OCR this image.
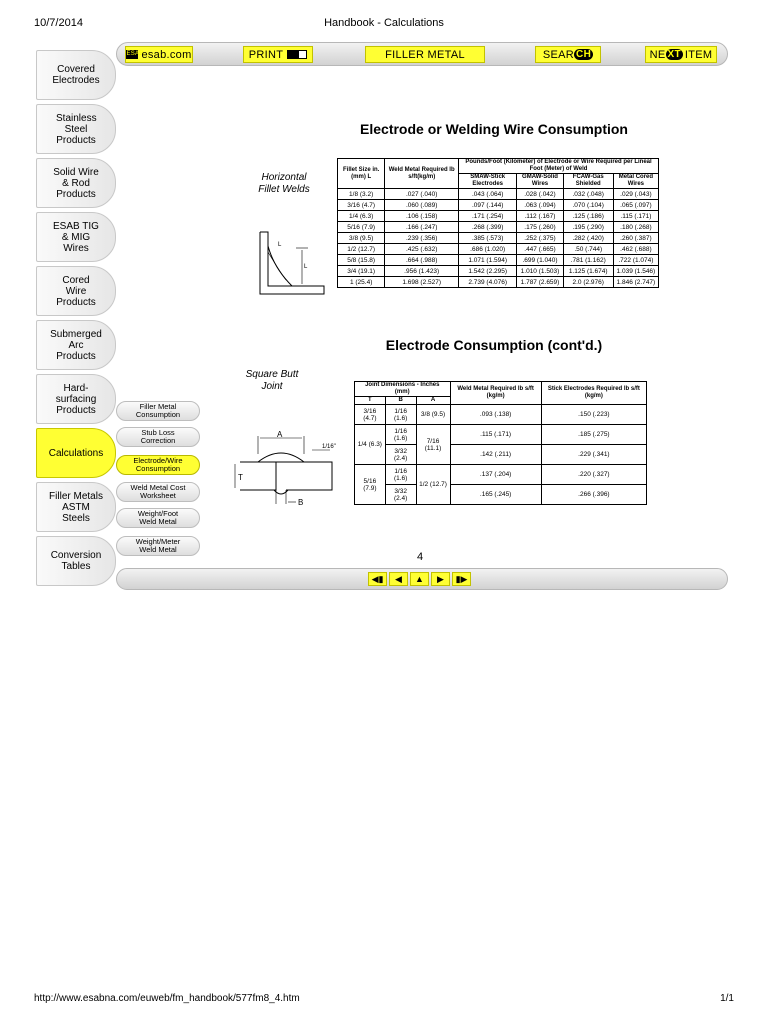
10/7/2014	Handbook - Calculations
ESAB
esab.com	PRINT	FILLER METAL	SEAR CH	NE XT ITEM
Covered Electrodes
Stainless Steel Products
Solid Wire & Rod Products
ESAB TIG & MIG Wires
Cored Wire Products
Submerged Arc Products
Hard-surfacing Products
Calculations
Filler Metals ASTM Steels
Conversion Tables
Filler Metal Consumption
Stub Loss Correction
Electrode/Wire Consumption
Weld Metal Cost Worksheet
Weight/Foot Weld Metal
Weight/Meter Weld Metal
Electrode or Welding Wire Consumption
Horizontal Fillet Welds
L
L
Fillet Size in. (mm) L	Weld Metal Required lb s/ft(kg/m)	Pounds/Foot (Kilometer) of Electrode or Wire Required per Lineal Foot (Meter) of Weld			
		SMAW-Stick Electrodes	GMAW-Solid Wires	FCAW-Gas Shielded	Metal Cored Wires
1/8 (3.2)	.027 (.040)	.043 (.064)	.028 (.042)	.032 (.048)	.029 (.043)
3/16 (4.7)	.060 (.089)	.097 (.144)	.063 (.094)	.070 (.104)	.065 (.097)
1/4 (6.3)	.106 (.158)	.171 (.254)	.112 (.167)	.125 (.186)	.115 (.171)
5/16 (7.9)	.166 (.247)	.268 (.399)	.175 (.260)	.195 (.290)	.180 (.268)
3/8 (9.5)	.239 (.356)	.385 (.573)	.252 (.375)	.282 (.420)	.260 (.387)
1/2 (12.7)	.425 (.632)	.686 (1.020)	.447 (.665)	.50 (.744)	.462 (.688)
5/8 (15.8)	.664 (.988)	1.071 (1.594)	.699 (1.040)	.781 (1.162)	.722 (1.074)
3/4 (19.1)	.956 (1.423)	1.542 (2.295)	1.010 (1.503)	1.125 (1.674)	1.039 (1.546)
1 (25.4)	1.698 (2.527)	2.739 (4.076)	1.787 (2.659)	2.0 (2.976)	1.846 (2.747)
Electrode Consumption (cont'd.)
Square Butt Joint
A
T
B
1/16"
Joint Dimensions - Inches (mm)			Weld Metal Required lb s/ft (kg/m)	Stick Electrodes Required lb s/ft (kg/m)
T	B	A		
3/16 (4.7)	1/16 (1.6)	3/8 (9.5)	.093 (.138)	.150 (.223)
1/4 (6.3)	1/16 (1.6)	7/16 (11.1)	.115 (.171)	.185 (.275)
	3/32 (2.4)		.142 (.211)	.229 (.341)
5/16 (7.9)	1/16 (1.6)	1/2 (12.7)	.137 (.204)	.220 (.327)
	3/32 (2.4)		.165 (.245)	.266 (.396)
4
◀▮ ◀ ▲ ▶ ▮▶
http://www.esabna.com/euweb/fm_handbook/577fm8_4.htm	1/1
